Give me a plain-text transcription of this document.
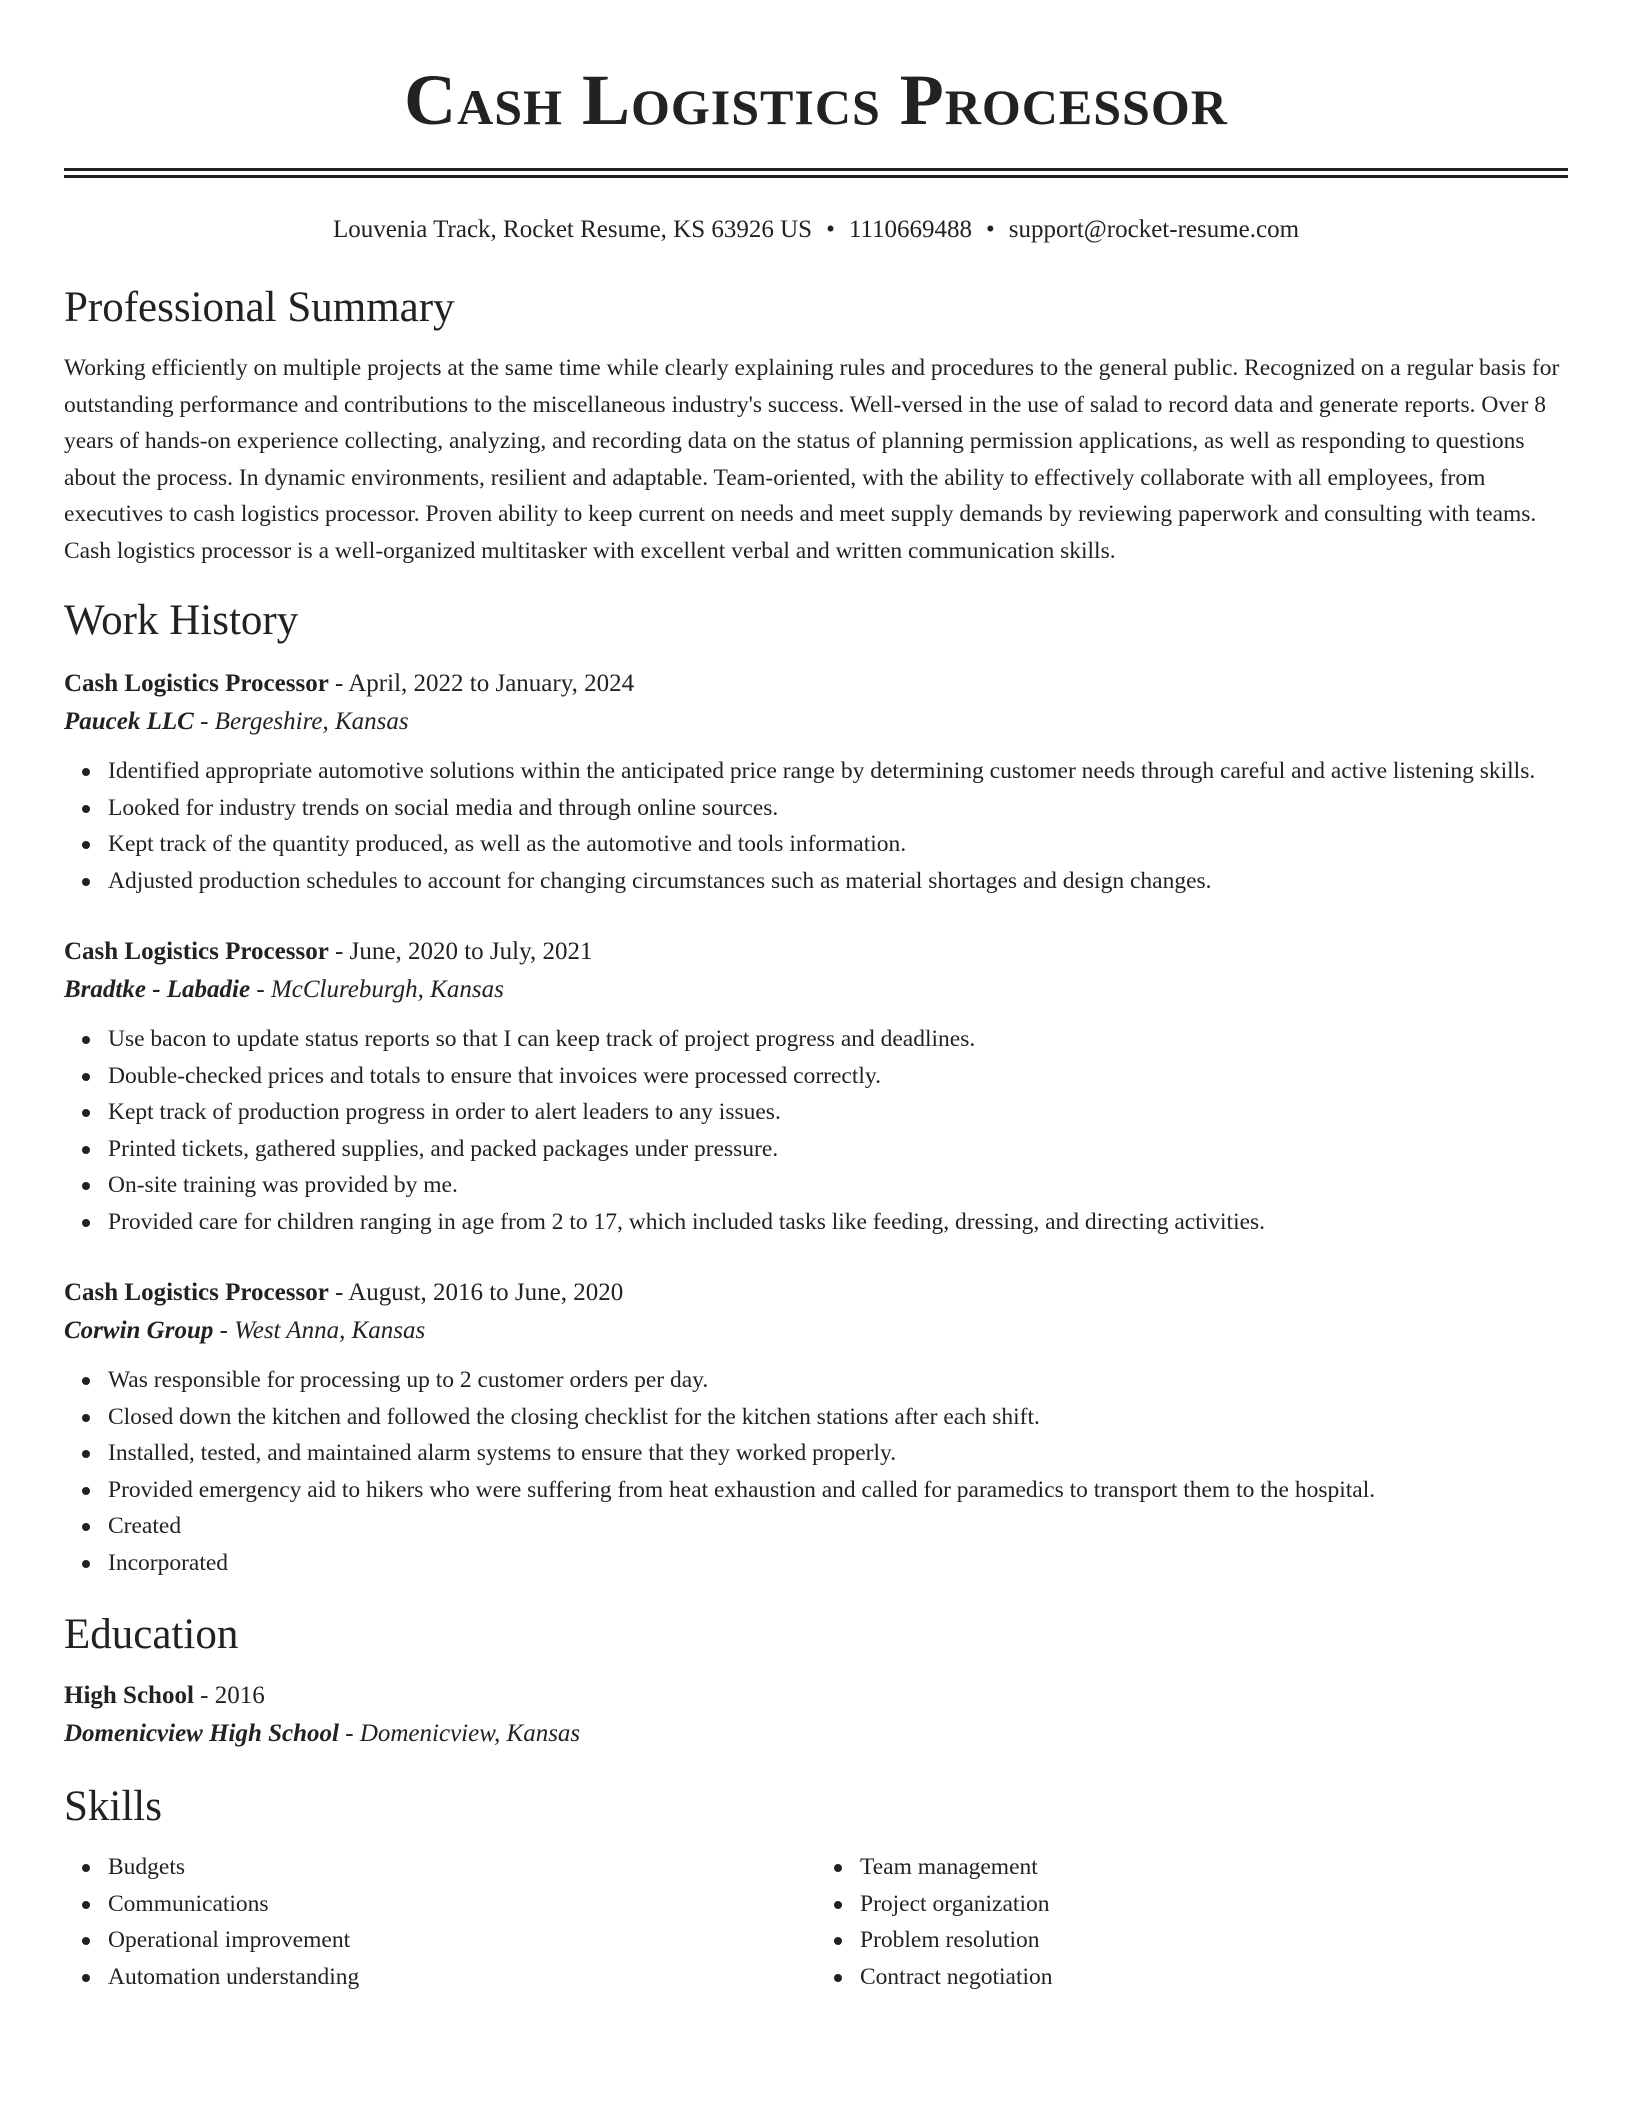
Cash Logistics Processor
Louvenia Track, Rocket Resume, KS 63926 US • 1110669488 • support@rocket-resume.com
Professional Summary
Working efficiently on multiple projects at the same time while clearly explaining rules and procedures to the general public. Recognized on a regular basis for outstanding performance and contributions to the miscellaneous industry's success. Well-versed in the use of salad to record data and generate reports. Over 8 years of hands-on experience collecting, analyzing, and recording data on the status of planning permission applications, as well as responding to questions about the process. In dynamic environments, resilient and adaptable. Team-oriented, with the ability to effectively collaborate with all employees, from executives to cash logistics processor. Proven ability to keep current on needs and meet supply demands by reviewing paperwork and consulting with teams. Cash logistics processor is a well-organized multitasker with excellent verbal and written communication skills.
Work History
Cash Logistics Processor - April, 2022 to January, 2024
Paucek LLC - Bergeshire, Kansas
Identified appropriate automotive solutions within the anticipated price range by determining customer needs through careful and active listening skills.
Looked for industry trends on social media and through online sources.
Kept track of the quantity produced, as well as the automotive and tools information.
Adjusted production schedules to account for changing circumstances such as material shortages and design changes.
Cash Logistics Processor - June, 2020 to July, 2021
Bradtke - Labadie - McClureburgh, Kansas
Use bacon to update status reports so that I can keep track of project progress and deadlines.
Double-checked prices and totals to ensure that invoices were processed correctly.
Kept track of production progress in order to alert leaders to any issues.
Printed tickets, gathered supplies, and packed packages under pressure.
On-site training was provided by me.
Provided care for children ranging in age from 2 to 17, which included tasks like feeding, dressing, and directing activities.
Cash Logistics Processor - August, 2016 to June, 2020
Corwin Group - West Anna, Kansas
Was responsible for processing up to 2 customer orders per day.
Closed down the kitchen and followed the closing checklist for the kitchen stations after each shift.
Installed, tested, and maintained alarm systems to ensure that they worked properly.
Provided emergency aid to hikers who were suffering from heat exhaustion and called for paramedics to transport them to the hospital.
Created
Incorporated
Education
High School - 2016
Domenicview High School - Domenicview, Kansas
Skills
Budgets
Communications
Operational improvement
Automation understanding
Team management
Project organization
Problem resolution
Contract negotiation
